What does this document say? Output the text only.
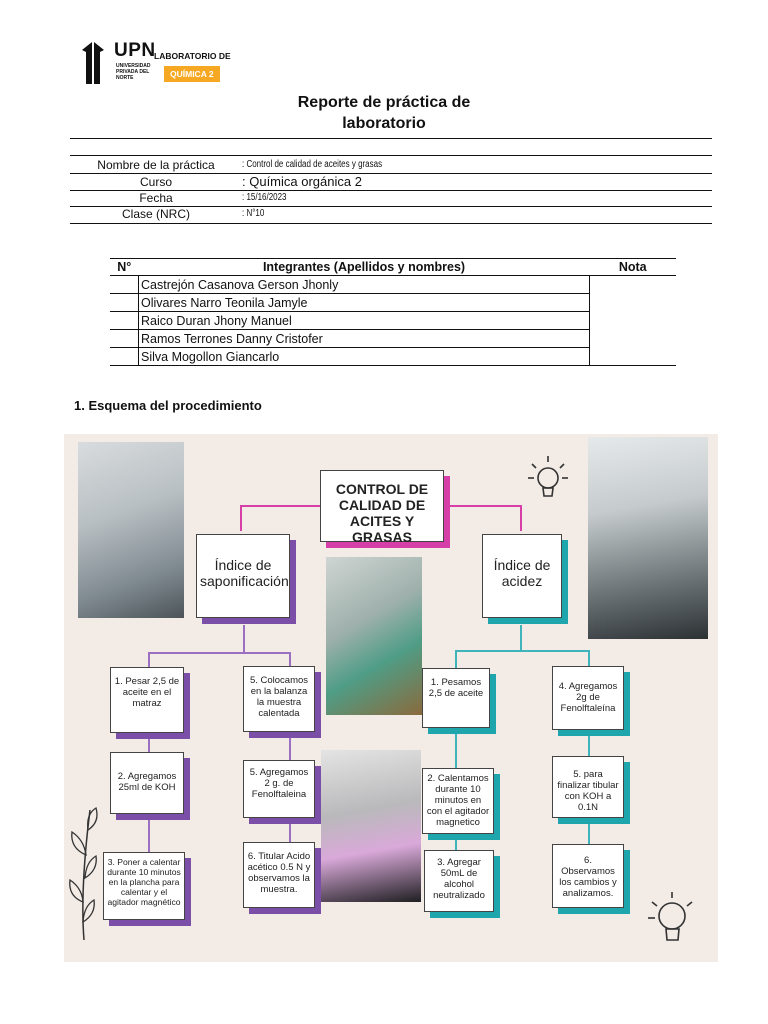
UPN
UNIVERSIDAD PRIVADA DEL NORTE
LABORATORIO DE
QUÍMICA 2
Reporte de práctica de
laboratorio
Nombre de la práctica	: Control de calidad de aceites y grasas
Curso	: Química orgánica 2
Fecha	: 15/16/2023
Clase (NRC)	: N°10
N°	Integrantes (Apellidos y nombres)	Nota
	Castrejón Casanova Gerson Jhonly	
	Olivares Narro Teonila Jamyle	
	Raico Duran Jhony Manuel	
	Ramos Terrones Danny Cristofer	
	Silva Mogollon Giancarlo	
1. Esquema del procedimiento
CONTROL DE CALIDAD DE ACITES Y GRASAS
Índice de saponificación
Índice de acidez
1. Pesar 2,5 de aceite en el matraz
2. Agregamos 25ml de KOH
3. Poner a calentar durante 10 minutos en la plancha para calentar y el agitador magnético
5. Colocamos en la balanza la muestra calentada
5. Agregamos 2 g. de Fenolftaleina
6. Titular Acido acético 0.5 N y observamos la muestra.
1. Pesamos 2,5 de aceite
2. Calentamos durante 10 minutos en con el agitador magnetico
3. Agregar 50mL de alcohol neutralizado
4. Agregamos 2g de Fenolftaleína
5. para finalizar tibular con KOH a 0.1N
6. Observamos los cambios y analizamos.
